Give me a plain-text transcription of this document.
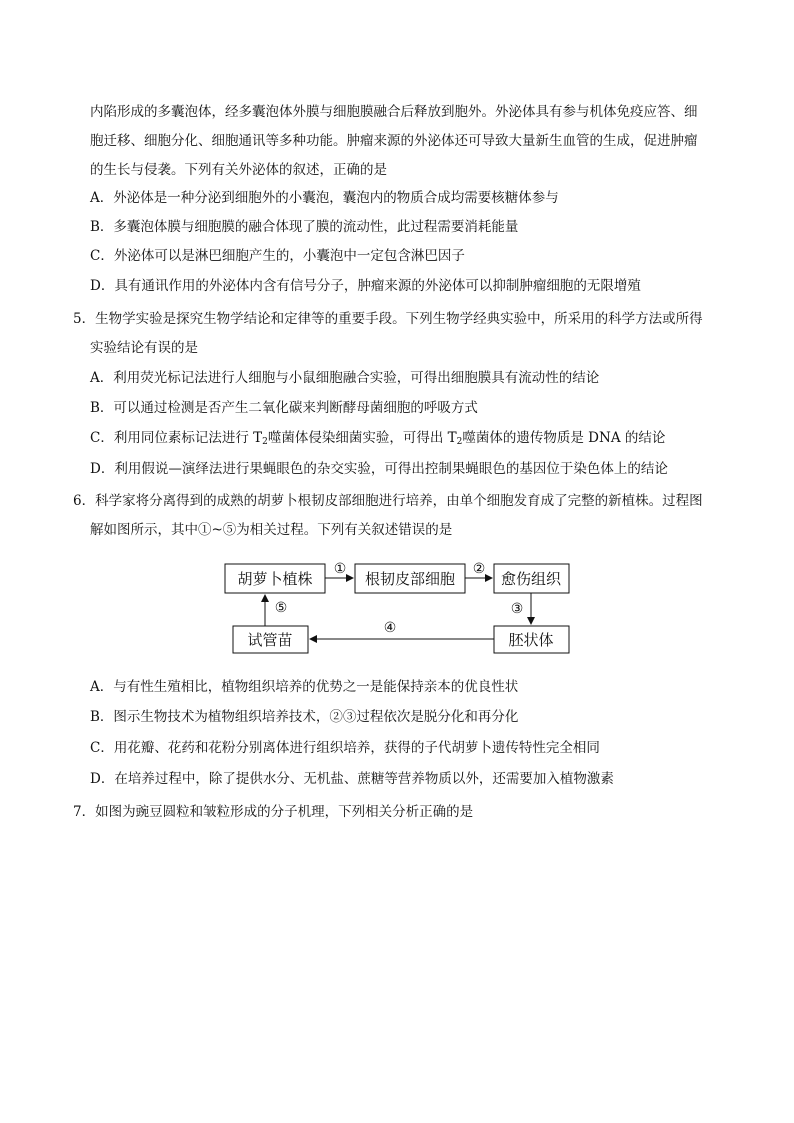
内陷形成的多囊泡体，经多囊泡体外膜与细胞膜融合后释放到胞外。外泌体具有参与机体免疫应答、细
胞迁移、细胞分化、细胞通讯等多种功能。肿瘤来源的外泌体还可导致大量新生血管的生成，促进肿瘤
的生长与侵袭。下列有关外泌体的叙述，正确的是
A．外泌体是一种分泌到细胞外的小囊泡，囊泡内的物质合成均需要核糖体参与
B．多囊泡体膜与细胞膜的融合体现了膜的流动性，此过程需要消耗能量
C．外泌体可以是淋巴细胞产生的，小囊泡中一定包含淋巴因子
D．具有通讯作用的外泌体内含有信号分子，肿瘤来源的外泌体可以抑制肿瘤细胞的无限增殖
5．生物学实验是探究生物学结论和定律等的重要手段。下列生物学经典实验中，所采用的科学方法或所得
实验结论有误的是
A．利用荧光标记法进行人细胞与小鼠细胞融合实验，可得出细胞膜具有流动性的结论
B．可以通过检测是否产生二氧化碳来判断酵母菌细胞的呼吸方式
C．利用同位素标记法进行 $T_2$噬菌体侵染细菌实验，可得出 $T_2$噬菌体的遗传物质是 DNA 的结论
D．利用假说—演绎法进行果蝇眼色的杂交实验，可得出控制果蝇眼色的基因位于染色体上的结论
6．科学家将分离得到的成熟的胡萝卜根韧皮部细胞进行培养，由单个细胞发育成了完整的新植株。过程图
解如图所示，其中①~⑤为相关过程。下列有关叙述错误的是
胡萝卜植株	根韧皮部细胞	愈伤组织
胚状体
试管苗
①	②
③
④
⑤
A．与有性生殖相比，植物组织培养的优势之一是能保持亲本的优良性状
B．图示生物技术为植物组织培养技术，②③过程依次是脱分化和再分化
C．用花瓣、花药和花粉分别离体进行组织培养，获得的子代胡萝卜遗传特性完全相同
D．在培养过程中，除了提供水分、无机盐、蔗糖等营养物质以外，还需要加入植物激素
7．如图为豌豆圆粒和皱粒形成的分子机理，下列相关分析正确的是
